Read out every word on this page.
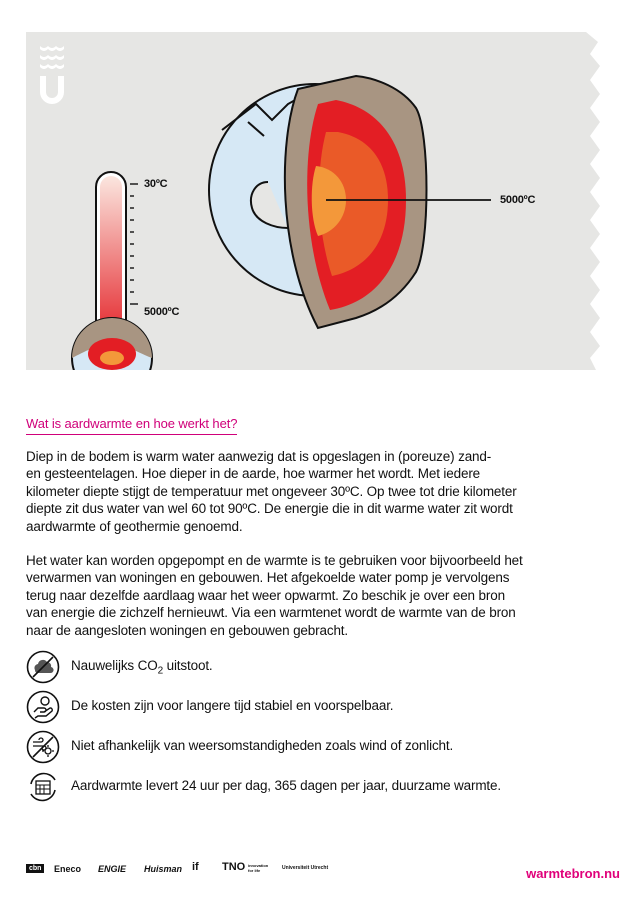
30ºC
5000ºC
5000ºC
Wat is aardwarmte en hoe werkt het?
Diep in de bodem is warm water aanwezig dat is opgeslagen in (poreuze) zand-
en gesteentelagen. Hoe dieper in de aarde, hoe warmer het wordt. Met iedere
kilometer diepte stijgt de temperatuur met ongeveer 30ºC. Op twee tot drie kilometer
diepte zit dus water van wel 60 tot 90ºC. De energie die in dit warme water zit wordt
aardwarmte of geothermie genoemd.
Het water kan worden opgepompt en de warmte is te gebruiken voor bijvoorbeeld het
verwarmen van woningen en gebouwen. Het afgekoelde water pomp je vervolgens
terug naar dezelfde aardlaag waar het weer opwarmt. Zo beschik je over een bron
van energie die zichzelf hernieuwt. Via een warmtenet wordt de warmte van de bron
naar de aangesloten woningen en gebouwen gebracht.
Nauwelijks $CO_2$ uitstoot.
De kosten zijn voor langere tijd stabiel en voorspelbaar.
Niet afhankelijk van weersomstandigheden zoals wind of zonlicht.
Aardwarmte levert 24 uur per dag, 365 dagen per jaar, duurzame warmte.
cbn	Eneco ENGIE Huisman if TNO innovation for life	Universiteit Utrecht	warmtebron.nu
